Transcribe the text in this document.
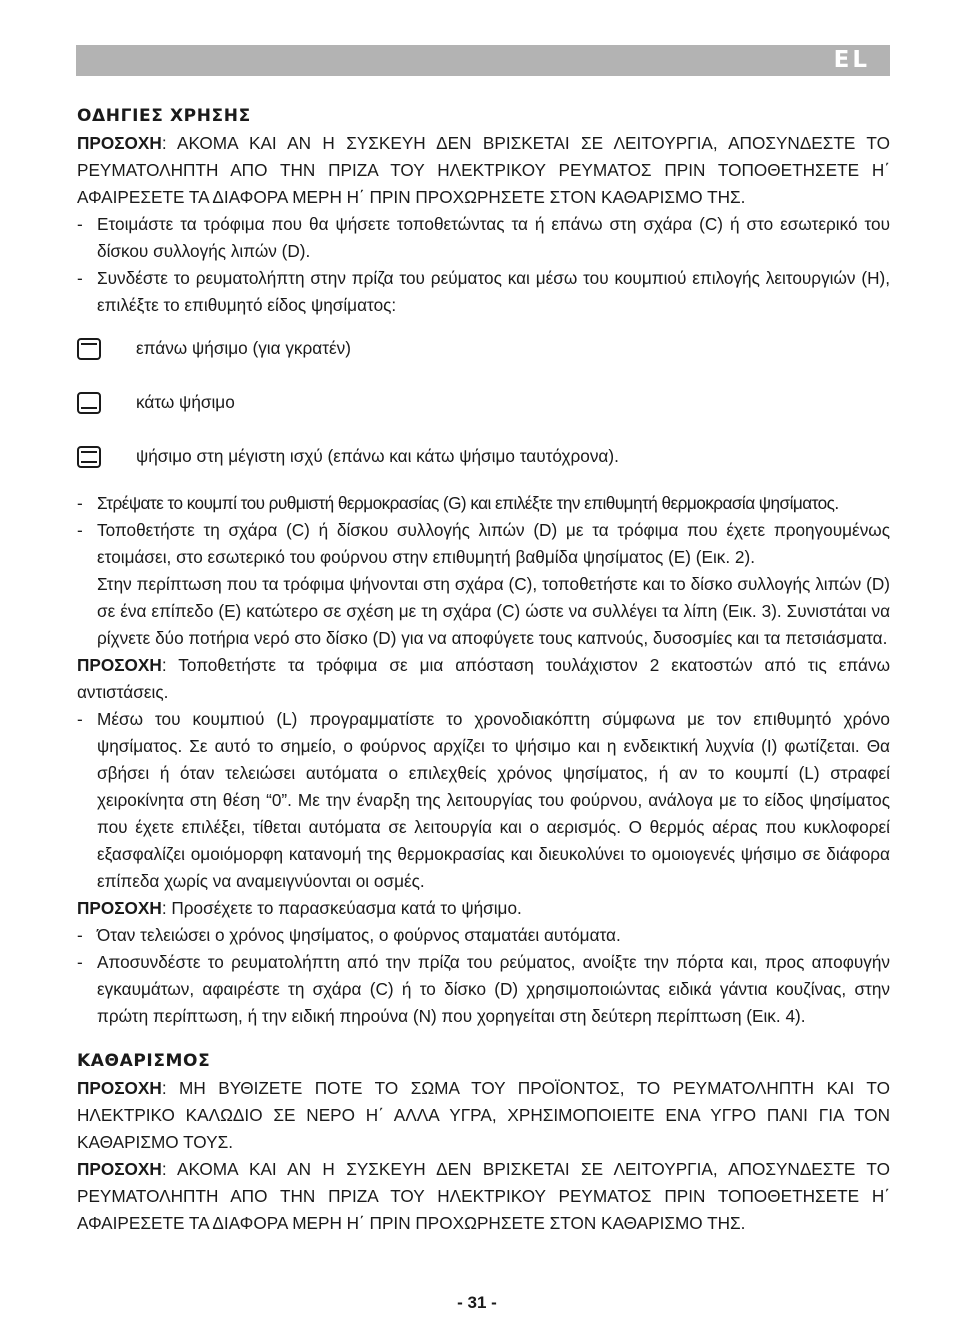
EL
ΟΔΗΓΙΕΣ ΧΡΗΣΗΣ

ΠΡΟΣΟΧΗ: ΑΚΟΜΑ ΚΑΙ ΑΝ Η ΣΥΣΚΕΥΗ ΔΕΝ ΒΡΙΣΚΕΤΑΙ ΣΕ ΛΕΙΤΟΥΡΓΙΑ, ΑΠΟΣΥΝΔΕΣΤΕ ΤΟ ΡΕΥΜΑΤΟΛΗΠΤΗ ΑΠΟ ΤΗΝ ΠΡΙΖΑ ΤΟΥ ΗΛΕΚΤΡΙΚΟΥ ΡΕΥΜΑΤΟΣ ΠΡΙΝ ΤΟΠΟΘΕΤΗΣΕΤΕ Η΄ ΑΦΑΙΡΕΣΕΤΕ ΤΑ ΔΙΑΦΟΡΑ ΜΕΡΗ Η΄ ΠΡΙΝ ΠΡΟΧΩΡΗΣΕΤΕ ΣΤΟΝ ΚΑΘΑΡΙΣΜΟ ΤΗΣ.

- Ετοιμάστε τα τρόφιμα που θα ψήσετε τοποθετώντας τα ή επάνω στη σχάρα (C) ή στο εσωτερικό του δίσκου συλλογής λιπών (D).
- Συνδέστε το ρευματολήπτη στην πρίζα του ρεύματος και μέσω του κουμπιού επιλογής λειτουργιών (H), επιλέξτε το επιθυμητό είδος ψησίματος:
επάνω ψήσιμο (για γκρατέν)
κάτω ψήσιμο
ψήσιμο στη μέγιστη ισχύ (επάνω και κάτω ψήσιμο ταυτόχρονα).
- Στρέψατε το κουμπί του ρυθμιστή θερμοκρασίας (G) και επιλέξτε την επιθυμητή θερμοκρασία ψησίματος.
- Τοποθετήστε τη σχάρα (C) ή δίσκου συλλογής λιπών (D) με τα τρόφιμα που έχετε προηγουμένως ετοιμάσει, στο εσωτερικό του φούρνου στην επιθυμητή βαθμίδα ψησίματος (E) (Εικ. 2).
Στην περίπτωση που τα τρόφιμα ψήνονται στη σχάρα (C), τοποθετήστε και το δίσκο συλλογής λιπών (D) σε ένα επίπεδο (E) κατώτερο σε σχέση με τη σχάρα (C) ώστε να συλλέγει τα λίπη (Εικ. 3). Συνιστάται να ρίχνετε δύο ποτήρια νερό στο δίσκο (D) για να αποφύγετε τους καπνούς, δυσοσμίες και τα πετσιάσματα.

ΠΡΟΣΟΧΗ: Τοποθετήστε τα τρόφιμα σε μια απόσταση τουλάχιστον 2 εκατοστών από τις επάνω αντιστάσεις.

- Μέσω του κουμπιού (L) προγραμματίστε το χρονοδιακόπτη σύμφωνα με τον επιθυμητό χρόνο ψησίματος. Σε αυτό το σημείο, ο φούρνος αρχίζει το ψήσιμο και η ενδεικτική λυχνία (I) φωτίζεται. Θα σβήσει ή όταν τελειώσει αυτόματα ο επιλεχθείς χρόνος ψησίματος, ή αν το κουμπί (L) στραφεί χειροκίνητα στη θέση “0”. Με την έναρξη της λειτουργίας του φούρνου, ανάλογα με το είδος ψησίματος που έχετε επιλέξει, τίθεται αυτόματα σε λειτουργία και ο αερισμός. Ο θερμός αέρας που κυκλοφορεί εξασφαλίζει ομοιόμορφη κατανομή της θερμοκρασίας και διευκολύνει το ομοιογενές ψήσιμο σε διάφορα επίπεδα χωρίς να αναμειγνύονται οι οσμές.

ΠΡΟΣΟΧΗ: Προσέχετε το παρασκεύασμα κατά το ψήσιμο.

- Όταν τελειώσει ο χρόνος ψησίματος, ο φούρνος σταματάει αυτόματα.
- Αποσυνδέστε το ρευματολήπτη από την πρίζα του ρεύματος, ανοίξτε την πόρτα και, προς αποφυγήν εγκαυμάτων, αφαιρέστε τη σχάρα (C) ή το δίσκο (D) χρησιμοποιώντας ειδικά γάντια κουζίνας, στην πρώτη περίπτωση, ή την ειδική πηρούνα (N) που χορηγείται στη δεύτερη περίπτωση (Εικ. 4).
ΚΑΘΑΡΙΣΜΟΣ

ΠΡΟΣΟΧΗ: ΜΗ ΒΥΘΙΖΕΤΕ ΠΟΤΕ ΤΟ ΣΩΜΑ ΤΟΥ ΠΡΟΪΟΝΤΟΣ, ΤΟ ΡΕΥΜΑΤΟΛΗΠΤΗ ΚΑΙ ΤΟ ΗΛΕΚΤΡΙΚΟ ΚΑΛΩΔΙΟ ΣΕ ΝΕΡΟ Η΄ ΑΛΛΑ ΥΓΡΑ, ΧΡΗΣΙΜΟΠΟΙΕΙΤΕ ΕΝΑ ΥΓΡΟ ΠΑΝΙ ΓΙΑ ΤΟΝ ΚΑΘΑΡΙΣΜΟ ΤΟΥΣ.

ΠΡΟΣΟΧΗ: ΑΚΟΜΑ ΚΑΙ ΑΝ Η ΣΥΣΚΕΥΗ ΔΕΝ ΒΡΙΣΚΕΤΑΙ ΣΕ ΛΕΙΤΟΥΡΓΙΑ, ΑΠΟΣΥΝΔΕΣΤΕ ΤΟ ΡΕΥΜΑΤΟΛΗΠΤΗ ΑΠΟ ΤΗΝ ΠΡΙΖΑ ΤΟΥ ΗΛΕΚΤΡΙΚΟΥ ΡΕΥΜΑΤΟΣ ΠΡΙΝ ΤΟΠΟΘΕΤΗΣΕΤΕ Η΄ ΑΦΑΙΡΕΣΕΤΕ ΤΑ ΔΙΑΦΟΡΑ ΜΕΡΗ Η΄ ΠΡΙΝ ΠΡΟΧΩΡΗΣΕΤΕ ΣΤΟΝ ΚΑΘΑΡΙΣΜΟ ΤΗΣ.

- 31 -
